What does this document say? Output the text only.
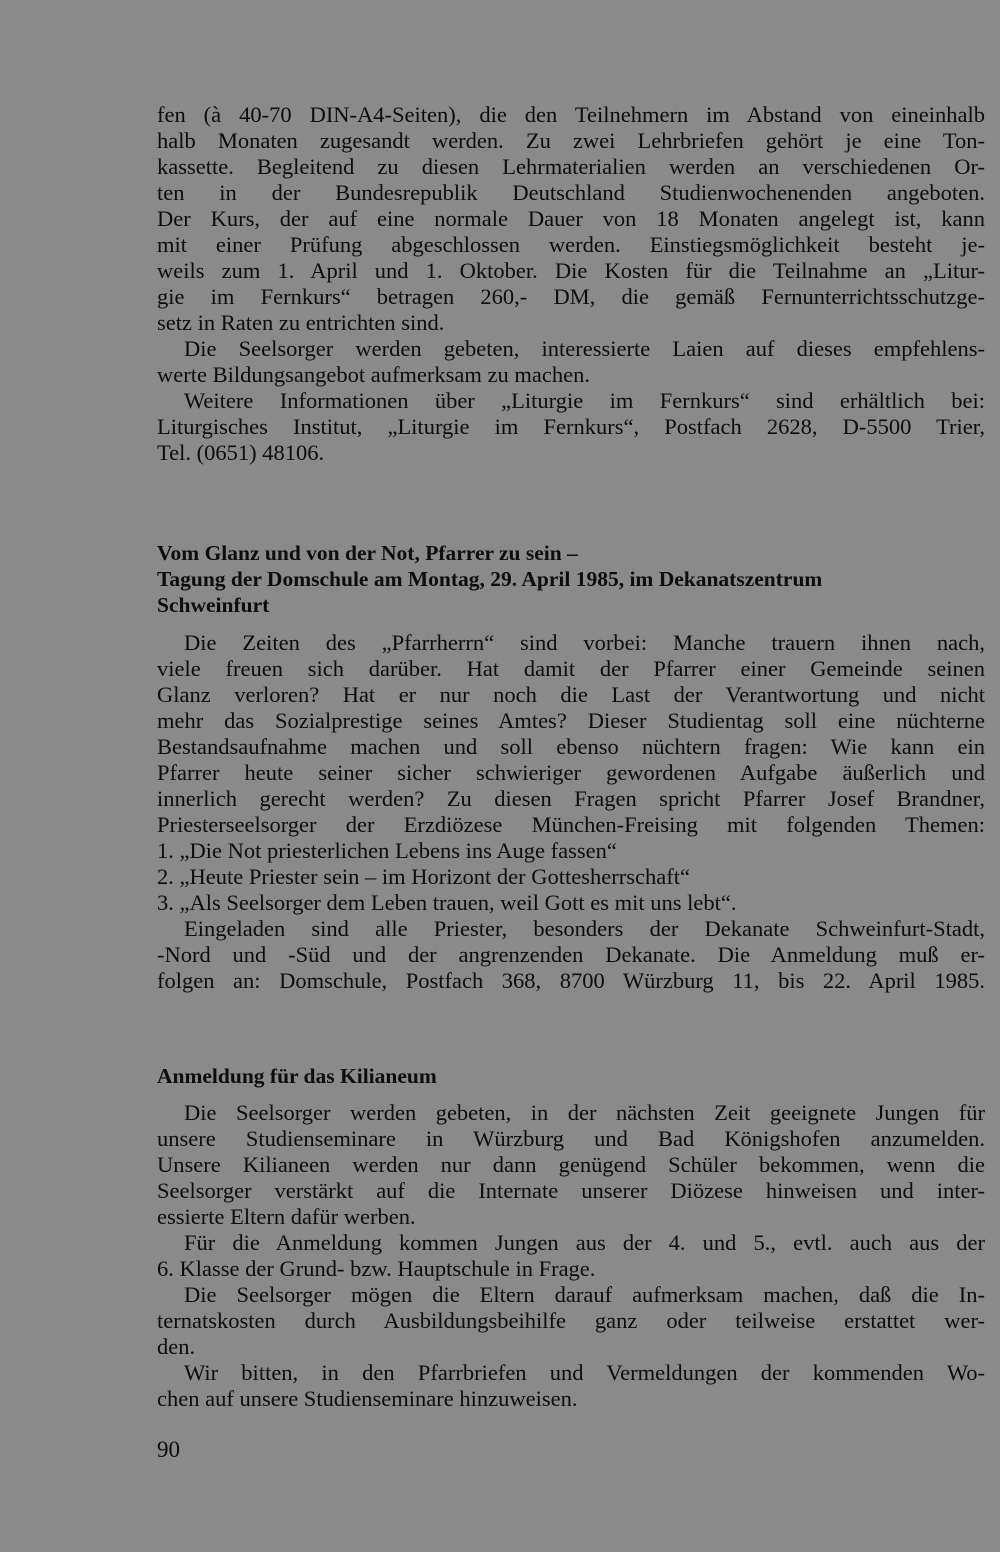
fen (à 40-70 DIN-A4-Seiten), die den Teilnehmern im Abstand von eineinhalb
halb Monaten zugesandt werden. Zu zwei Lehrbriefen gehört je eine Ton-
kassette. Begleitend zu diesen Lehrmaterialien werden an verschiedenen Or-
ten in der Bundesrepublik Deutschland Studienwochenenden angeboten.
Der Kurs, der auf eine normale Dauer von 18 Monaten angelegt ist, kann
mit einer Prüfung abgeschlossen werden. Einstiegsmöglichkeit besteht je-
weils zum 1. April und 1. Oktober. Die Kosten für die Teilnahme an „Litur-
gie im Fernkurs“ betragen 260,- DM, die gemäß Fernunterrichtsschutzge-
setz in Raten zu entrichten sind.
Die Seelsorger werden gebeten, interessierte Laien auf dieses empfehlens-
werte Bildungsangebot aufmerksam zu machen.
Weitere Informationen über „Liturgie im Fernkurs“ sind erhältlich bei:
Liturgisches Institut, „Liturgie im Fernkurs“, Postfach 2628, D-5500 Trier,
Tel. (0651) 48106.
Vom Glanz und von der Not, Pfarrer zu sein –
Tagung der Domschule am Montag, 29. April 1985, im Dekanatszentrum
Schweinfurt
Die Zeiten des „Pfarrherrn“ sind vorbei: Manche trauern ihnen nach,
viele freuen sich darüber. Hat damit der Pfarrer einer Gemeinde seinen
Glanz verloren? Hat er nur noch die Last der Verantwortung und nicht
mehr das Sozialprestige seines Amtes? Dieser Studientag soll eine nüchterne
Bestandsaufnahme machen und soll ebenso nüchtern fragen: Wie kann ein
Pfarrer heute seiner sicher schwieriger gewordenen Aufgabe äußerlich und
innerlich gerecht werden? Zu diesen Fragen spricht Pfarrer Josef Brandner,
Priesterseelsorger der Erzdiözese München-Freising mit folgenden Themen:
1. „Die Not priesterlichen Lebens ins Auge fassen“
2. „Heute Priester sein – im Horizont der Gottesherrschaft“
3. „Als Seelsorger dem Leben trauen, weil Gott es mit uns lebt“.
Eingeladen sind alle Priester, besonders der Dekanate Schweinfurt-Stadt,
-Nord und -Süd und der angrenzenden Dekanate. Die Anmeldung muß er-
folgen an: Domschule, Postfach 368, 8700 Würzburg 11, bis 22. April 1985.
Anmeldung für das Kilianeum
Die Seelsorger werden gebeten, in der nächsten Zeit geeignete Jungen für
unsere Studienseminare in Würzburg und Bad Königshofen anzumelden.
Unsere Kilianeen werden nur dann genügend Schüler bekommen, wenn die
Seelsorger verstärkt auf die Internate unserer Diözese hinweisen und inter-
essierte Eltern dafür werben.
Für die Anmeldung kommen Jungen aus der 4. und 5., evtl. auch aus der
6. Klasse der Grund- bzw. Hauptschule in Frage.
Die Seelsorger mögen die Eltern darauf aufmerksam machen, daß die In-
ternatskosten durch Ausbildungsbeihilfe ganz oder teilweise erstattet wer-
den.
Wir bitten, in den Pfarrbriefen und Vermeldungen der kommenden Wo-
chen auf unsere Studienseminare hinzuweisen.
90
